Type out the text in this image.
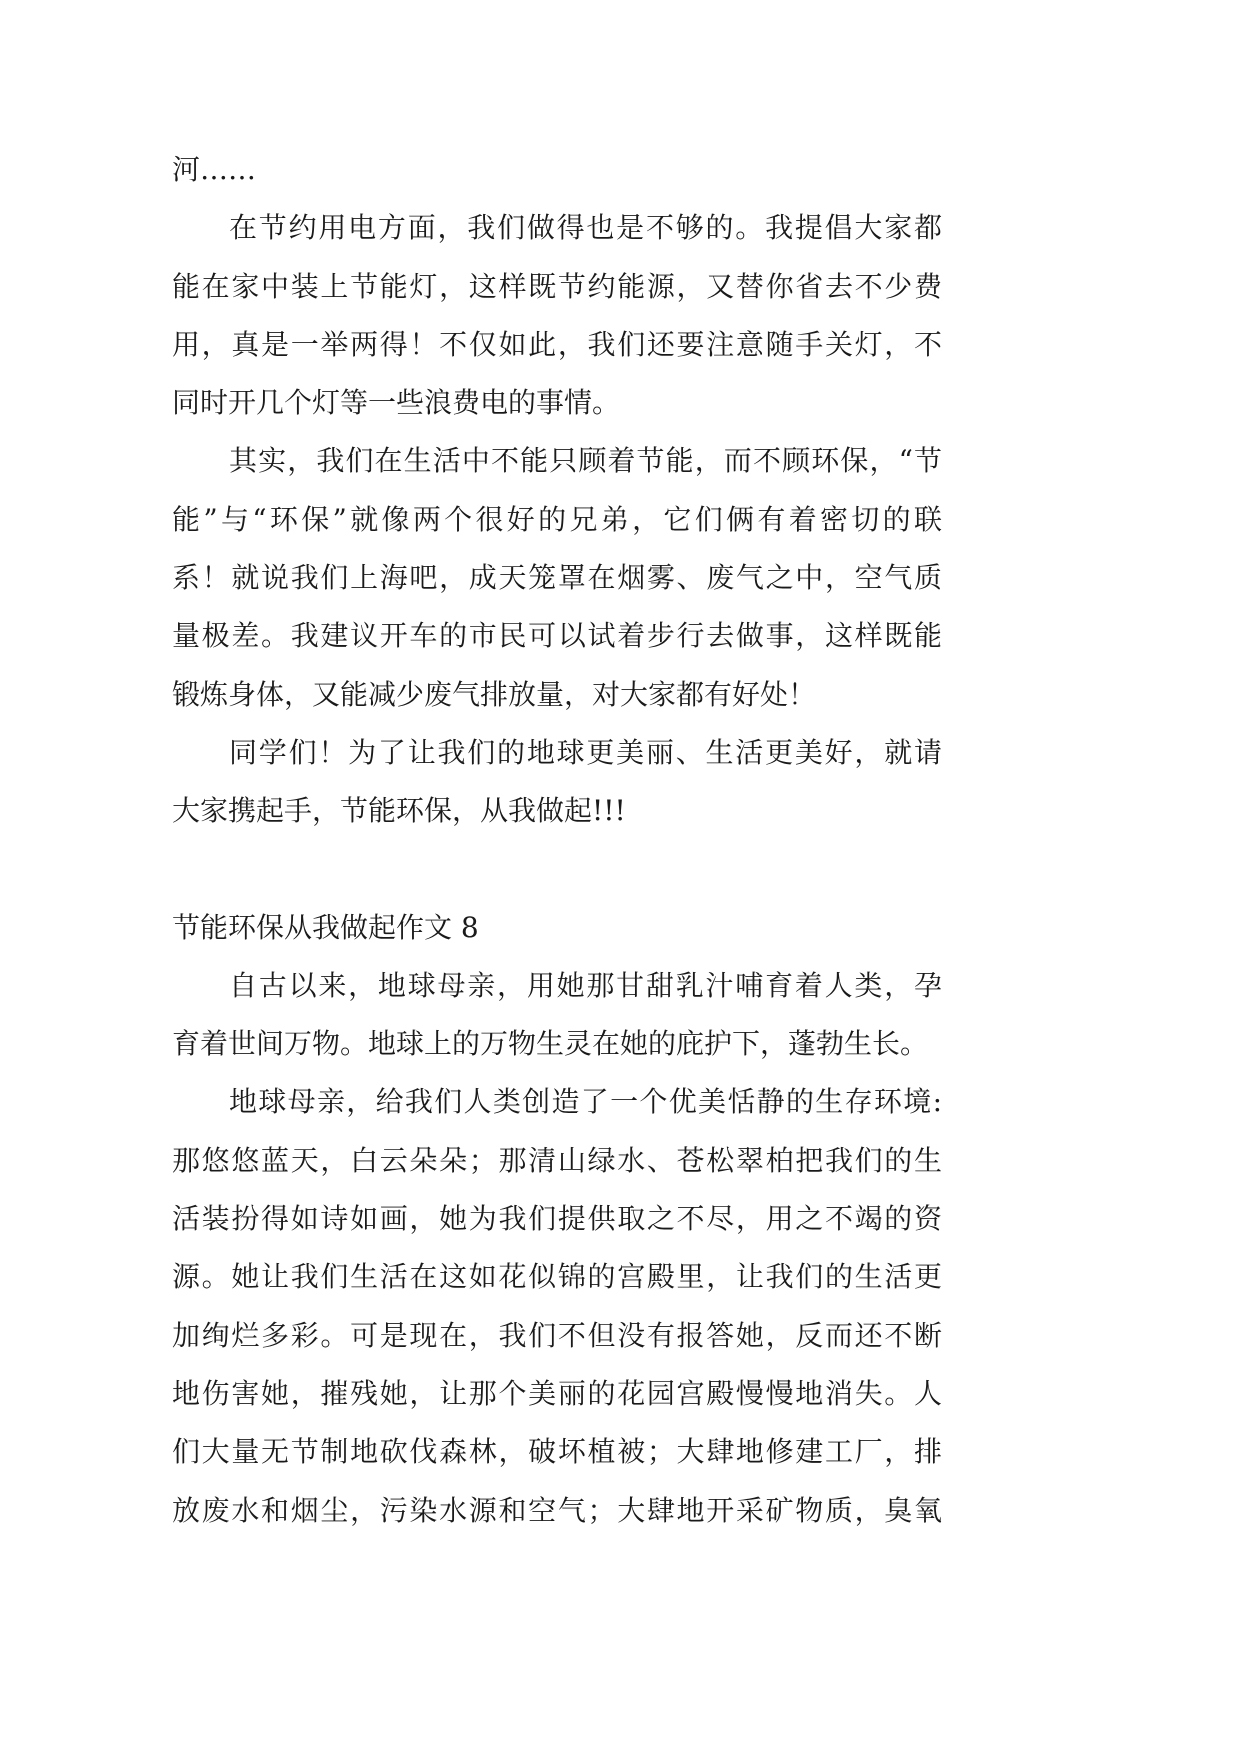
河……
在节约用电方面，我们做得也是不够的。我提倡大家都
能在家中装上节能灯，这样既节约能源，又替你省去不少费
用，真是一举两得！不仅如此，我们还要注意随手关灯，不
同时开几个灯等一些浪费电的事情。
其实，我们在生活中不能只顾着节能，而不顾环保，“节
能”与“环保”就像两个很好的兄弟，它们俩有着密切的联
系！就说我们上海吧，成天笼罩在烟雾、废气之中，空气质
量极差。我建议开车的市民可以试着步行去做事，这样既能
锻炼身体，又能减少废气排放量，对大家都有好处！
同学们！为了让我们的地球更美丽、生活更美好，就请
大家携起手，节能环保，从我做起!!!
节能环保从我做起作文 8
自古以来，地球母亲，用她那甘甜乳汁哺育着人类，孕
育着世间万物。地球上的万物生灵在她的庇护下，蓬勃生长。
地球母亲，给我们人类创造了一个优美恬静的生存环境:
那悠悠蓝天，白云朵朵；那清山绿水、苍松翠柏把我们的生
活装扮得如诗如画，她为我们提供取之不尽，用之不竭的资
源。她让我们生活在这如花似锦的宫殿里，让我们的生活更
加绚烂多彩。可是现在，我们不但没有报答她，反而还不断
地伤害她，摧残她，让那个美丽的花园宫殿慢慢地消失。人
们大量无节制地砍伐森林，破坏植被；大肆地修建工厂，排
放废水和烟尘，污染水源和空气；大肆地开采矿物质，臭氧
